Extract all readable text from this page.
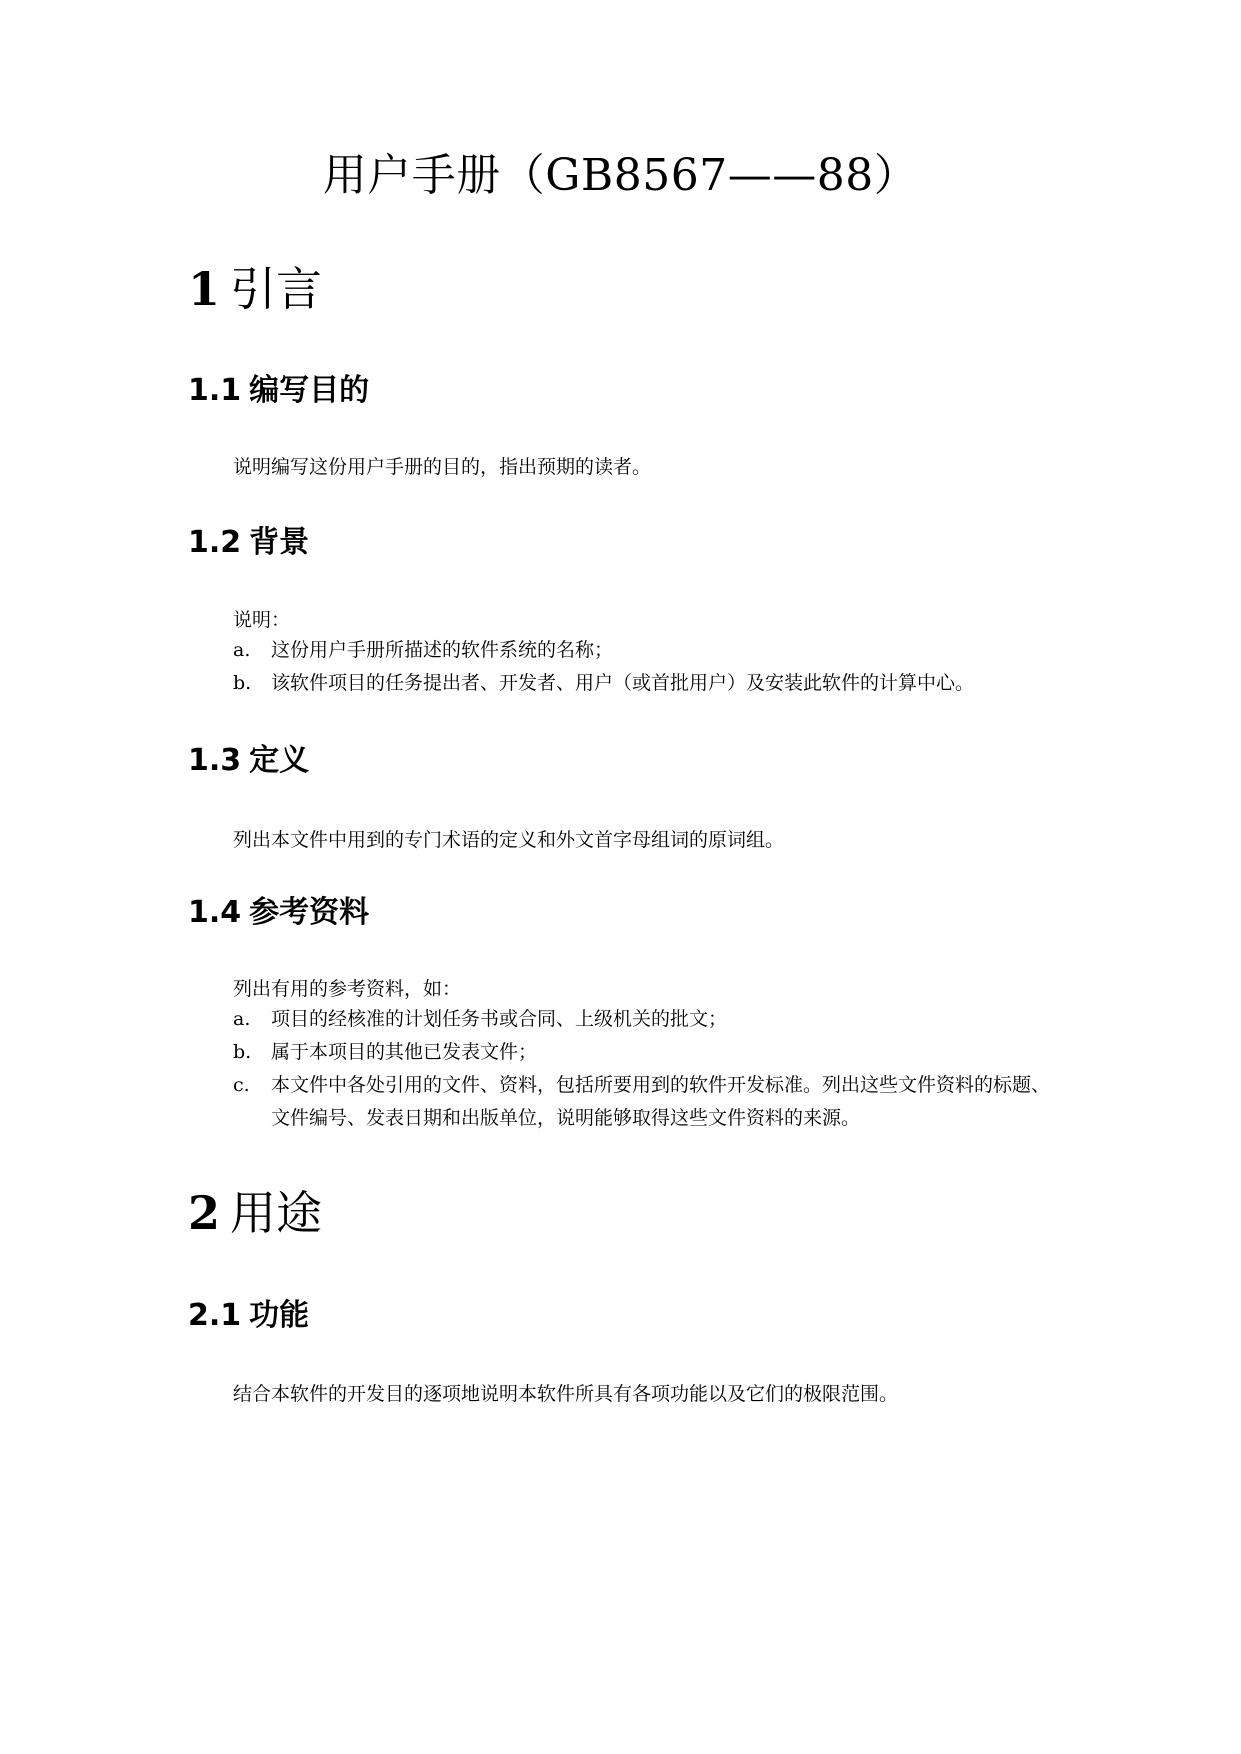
用户手册（GB8567——88）
1 引言
1.1 编写目的
说明编写这份用户手册的目的，指出预期的读者。
1.2 背景
说明：
a.	这份用户手册所描述的软件系统的名称；
b.	该软件项目的任务提出者、开发者、用户（或首批用户）及安装此软件的计算中心。
1.3 定义
列出本文件中用到的专门术语的定义和外文首字母组词的原词组。
1.4 参考资料
列出有用的参考资料，如：
a.	项目的经核准的计划任务书或合同、上级机关的批文；
b.	属于本项目的其他已发表文件；
c.	本文件中各处引用的文件、资料，包括所要用到的软件开发标准。列出这些文件资料的标题、文件编号、发表日期和出版单位，说明能够取得这些文件资料的来源。
2 用途
2.1 功能
结合本软件的开发目的逐项地说明本软件所具有各项功能以及它们的极限范围。
